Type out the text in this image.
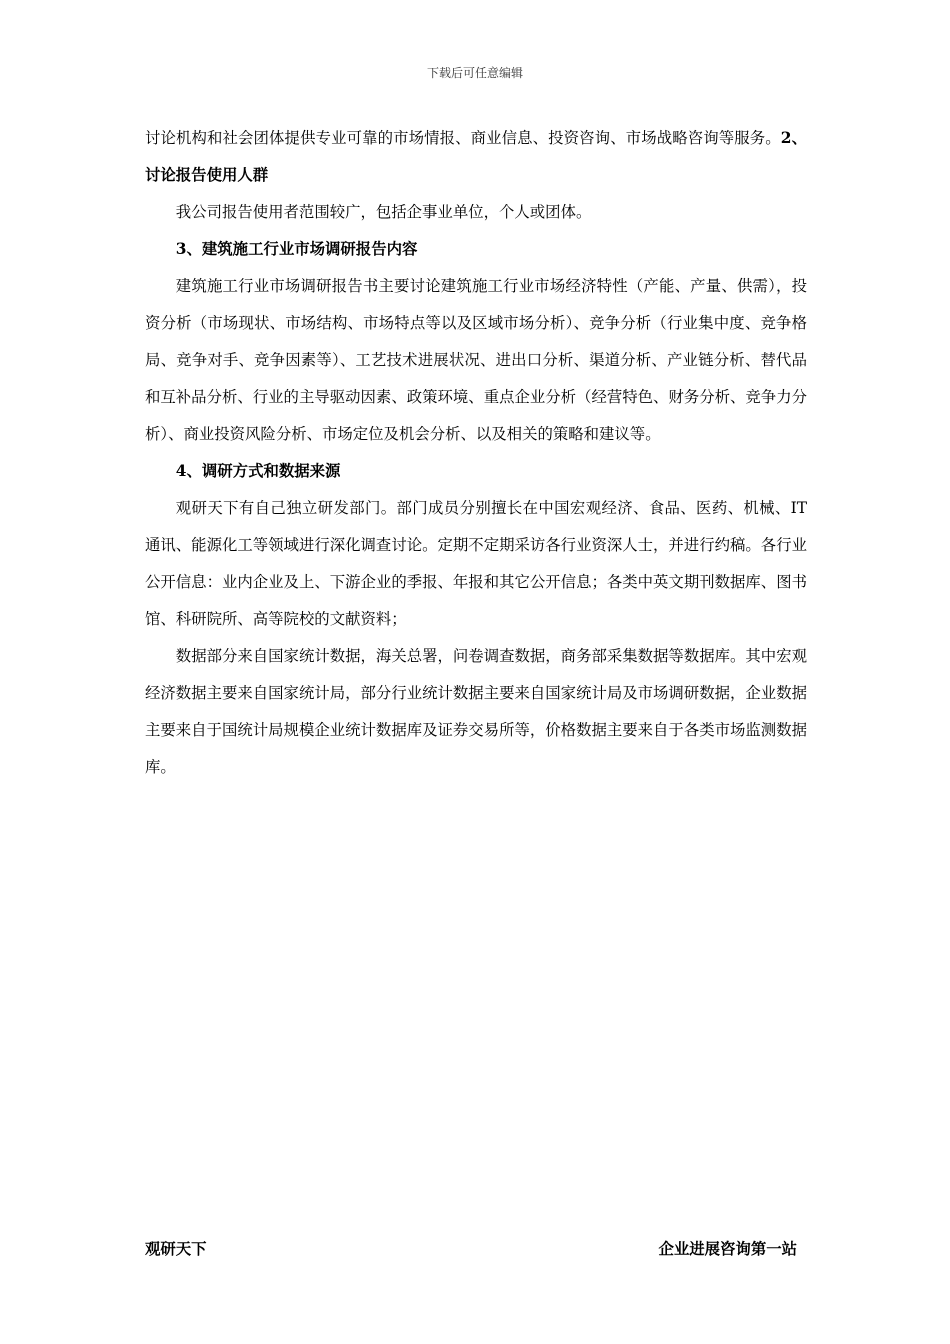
下载后可任意编辑

讨论机构和社会团体提供专业可靠的市场情报、商业信息、投资咨询、市场战略咨询等服务。2、讨论报告使用人群

我公司报告使用者范围较广，包括企事业单位，个人或团体。

3、建筑施工行业市场调研报告内容

建筑施工行业市场调研报告书主要讨论建筑施工行业市场经济特性（产能、产量、供需），投资分析（市场现状、市场结构、市场特点等以及区域市场分析）、竞争分析（行业集中度、竞争格局、竞争对手、竞争因素等）、工艺技术进展状况、进出口分析、渠道分析、产业链分析、替代品和互补品分析、行业的主导驱动因素、政策环境、重点企业分析（经营特色、财务分析、竞争力分析）、商业投资风险分析、市场定位及机会分析、以及相关的策略和建议等。

4、调研方式和数据来源

观研天下有自己独立研发部门。部门成员分别擅长在中国宏观经济、食品、医药、机械、IT通讯、能源化工等领域进行深化调查讨论。定期不定期采访各行业资深人士，并进行约稿。各行业公开信息：业内企业及上、下游企业的季报、年报和其它公开信息；各类中英文期刊数据库、图书馆、科研院所、高等院校的文献资料；

数据部分来自国家统计数据，海关总署，问卷调查数据，商务部采集数据等数据库。其中宏观经济数据主要来自国家统计局，部分行业统计数据主要来自国家统计局及市场调研数据，企业数据主要来自于国统计局规模企业统计数据库及证券交易所等，价格数据主要来自于各类市场监测数据库。

观研天下	企业进展咨询第一站
